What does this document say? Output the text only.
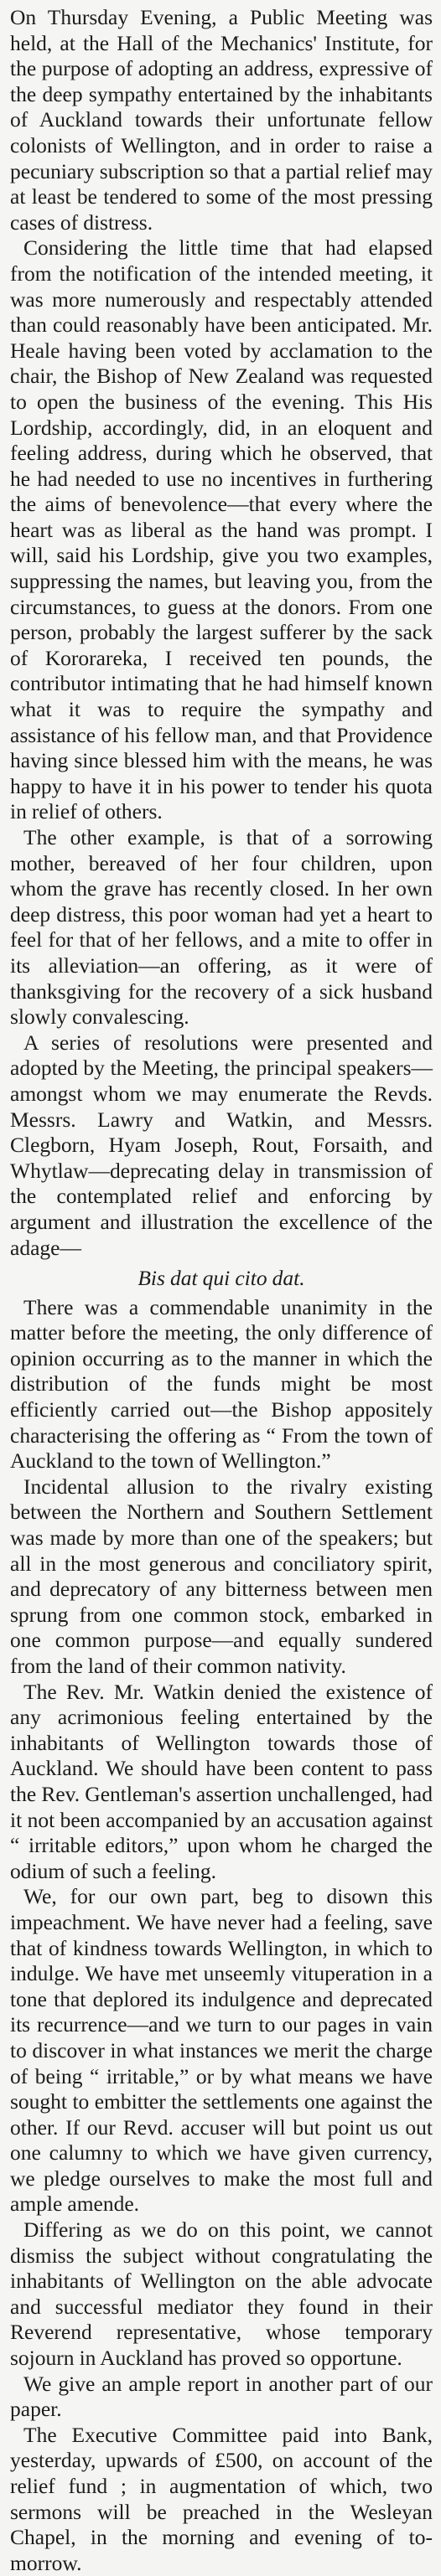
On Thursday Evening, a Public Meeting was held, at the Hall of the Mechanics' Institute, for the purpose of adopting an address, expressive of the deep sympathy entertained by the inhabitants of Auckland towards their unfortunate fellow colonists of Wellington, and in order to raise a pecuniary subscription so that a partial relief may at least be tendered to some of the most pressing cases of distress.

Considering the little time that had elapsed from the notification of the intended meeting, it was more numerously and respectably attended than could reasonably have been anticipated. Mr. Heale having been voted by acclamation to the chair, the Bishop of New Zealand was requested to open the business of the evening. This His Lordship, accordingly, did, in an eloquent and feeling address, during which he observed, that he had needed to use no incentives in furthering the aims of benevolence—that every where the heart was as liberal as the hand was prompt. I will, said his Lordship, give you two examples, suppressing the names, but leaving you, from the circumstances, to guess at the donors. From one person, probably the largest sufferer by the sack of Kororareka, I received ten pounds, the contributor intimating that he had himself known what it was to require the sympathy and assistance of his fellow man, and that Providence having since blessed him with the means, he was happy to have it in his power to tender his quota in relief of others.

The other example, is that of a sorrowing mother, bereaved of her four children, upon whom the grave has recently closed. In her own deep distress, this poor woman had yet a heart to feel for that of her fellows, and a mite to offer in its alleviation—an offering, as it were of thanksgiving for the recovery of a sick husband slowly convalescing.

A series of resolutions were presented and adopted by the Meeting, the principal speakers—amongst whom we may enumerate the Revds. Messrs. Lawry and Watkin, and Messrs. Clegborn, Hyam Joseph, Rout, Forsaith, and Whytlaw—deprecating delay in transmission of the contemplated relief and enforcing by argument and illustration the excellence of the adage—

Bis dat qui cito dat.

There was a commendable unanimity in the matter before the meeting, the only difference of opinion occurring as to the manner in which the distribution of the funds might be most efficiently carried out—the Bishop appositely characterising the offering as “ From the town of Auckland to the town of Wellington.”

Incidental allusion to the rivalry existing between the Northern and Southern Settlement was made by more than one of the speakers; but all in the most generous and conciliatory spirit, and deprecatory of any bitterness between men sprung from one common stock, embarked in one common purpose—and equally sundered from the land of their common nativity.

The Rev. Mr. Watkin denied the existence of any acrimonious feeling entertained by the inhabitants of Wellington towards those of Auckland. We should have been content to pass the Rev. Gentleman's assertion unchallenged, had it not been accompanied by an accusation against “ irritable editors,” upon whom he charged the odium of such a feeling.

We, for our own part, beg to disown this impeachment. We have never had a feeling, save that of kindness towards Wellington, in which to indulge. We have met unseemly vituperation in a tone that deplored its indulgence and deprecated its recurrence—and we turn to our pages in vain to discover in what instances we merit the charge of being “ irritable,” or by what means we have sought to embitter the settlements one against the other. If our Revd. accuser will but point us out one calumny to which we have given currency, we pledge ourselves to make the most full and ample amende.

Differing as we do on this point, we cannot dismiss the subject without congratulating the inhabitants of Wellington on the able advocate and successful mediator they found in their Reverend representative, whose temporary sojourn in Auckland has proved so opportune.

We give an ample report in another part of our paper.

The Executive Committee paid into Bank, yesterday, upwards of £500, on account of the relief fund ; in augmentation of which, two sermons will be preached in the Wesleyan Chapel, in the morning and evening of to-morrow.
